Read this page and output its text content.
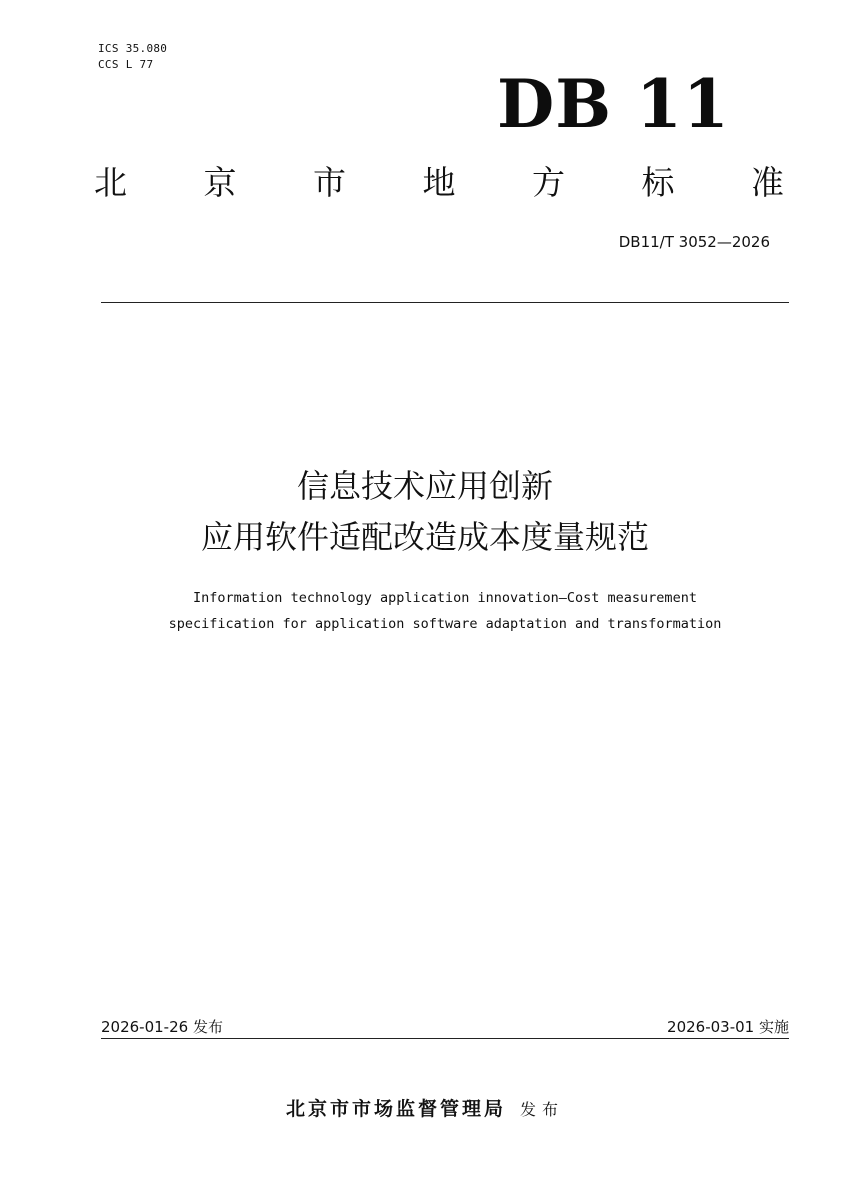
ICS 35.080
CCS L 77
DB 11
北 京 市 地 方 标 准
DB11/T 3052—2026
信息技术应用创新
应用软件适配改造成本度量规范
Information technology application innovation—Cost measurement
specification for application software adaptation and transformation
2026-01-26 发布	2026-03-01 实施
北京市市场监督管理局 发布
